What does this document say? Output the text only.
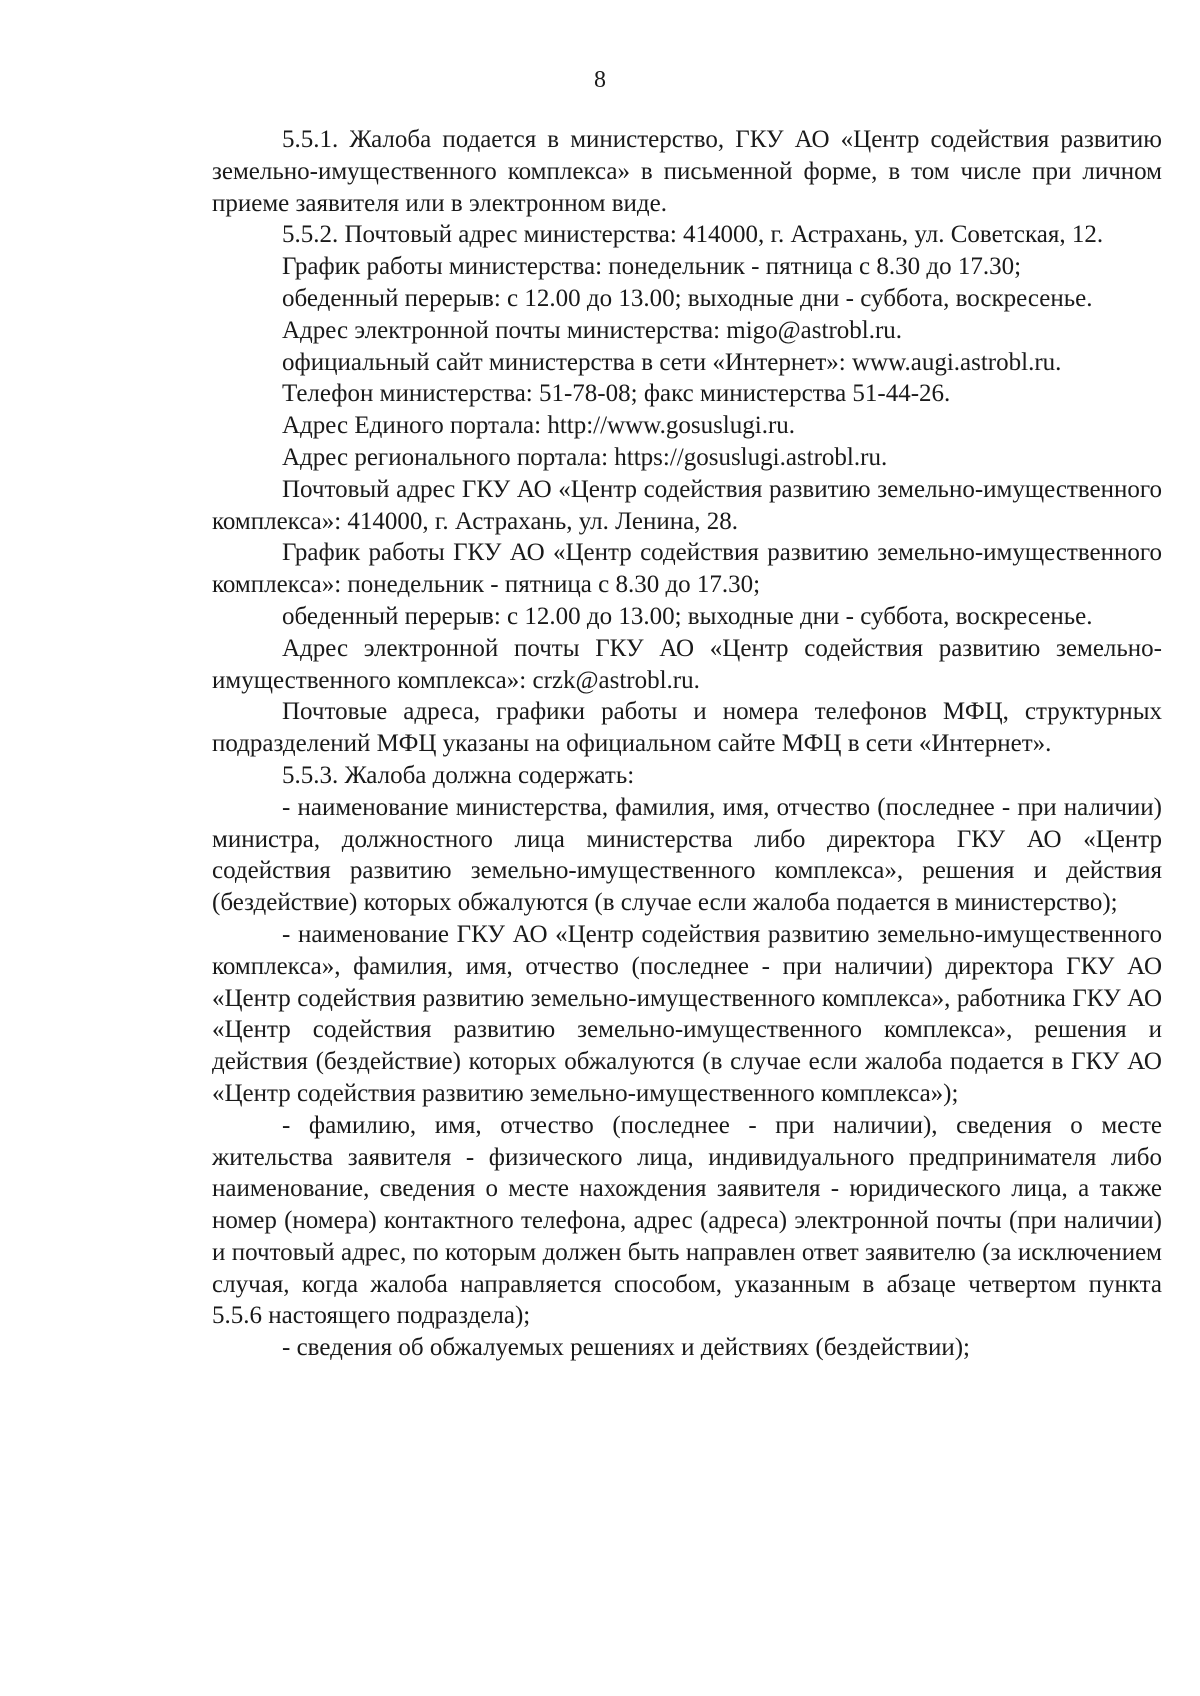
8

5.5.1. Жалоба подается в министерство, ГКУ АО «Центр содействия развитию земельно-имущественного комплекса» в письменной форме, в том числе при личном приеме заявителя или в электронном виде.

5.5.2. Почтовый адрес министерства: 414000, г. Астрахань, ул. Советская, 12.

График работы министерства: понедельник - пятница с 8.30 до 17.30;

обеденный перерыв: с 12.00 до 13.00; выходные дни - суббота, воскресенье.

Адрес электронной почты министерства: migo@astrobl.ru.

официальный сайт министерства в сети «Интернет»: www.augi.astrobl.ru.

Телефон министерства: 51-78-08; факс министерства 51-44-26.

Адрес Единого портала: http://www.gosuslugi.ru.

Адрес регионального портала: https://gosuslugi.astrobl.ru.

Почтовый адрес ГКУ АО «Центр содействия развитию земельно-имущественного комплекса»: 414000, г. Астрахань, ул. Ленина, 28.

График работы ГКУ АО «Центр содействия развитию земельно-имущественного комплекса»: понедельник - пятница с 8.30 до 17.30;

обеденный перерыв: с 12.00 до 13.00; выходные дни - суббота, воскресенье.

Адрес электронной почты ГКУ АО «Центр содействия развитию земельно-имущественного комплекса»: crzk@astrobl.ru.

Почтовые адреса, графики работы и номера телефонов МФЦ, структурных подразделений МФЦ указаны на официальном сайте МФЦ в сети «Интернет».

5.5.3. Жалоба должна содержать:

- наименование министерства, фамилия, имя, отчество (последнее - при наличии) министра, должностного лица министерства либо директора ГКУ АО «Центр содействия развитию земельно-имущественного комплекса», решения и действия (бездействие) которых обжалуются (в случае если жалоба подается в министерство);

- наименование ГКУ АО «Центр содействия развитию земельно-имущественного комплекса», фамилия, имя, отчество (последнее - при наличии) директора ГКУ АО «Центр содействия развитию земельно-имущественного комплекса», работника ГКУ АО «Центр содействия развитию земельно-имущественного комплекса», решения и действия (бездействие) которых обжалуются (в случае если жалоба подается в ГКУ АО «Центр содействия развитию земельно-имущественного комплекса»);

- фамилию, имя, отчество (последнее - при наличии), сведения о месте жительства заявителя - физического лица, индивидуального предпринимателя либо наименование, сведения о месте нахождения заявителя - юридического лица, а также номер (номера) контактного телефона, адрес (адреса) электронной почты (при наличии) и почтовый адрес, по которым должен быть направлен ответ заявителю (за исключением случая, когда жалоба направляется способом, указанным в абзаце четвертом пункта 5.5.6 настоящего подраздела);

- сведения об обжалуемых решениях и действиях (бездействии);
